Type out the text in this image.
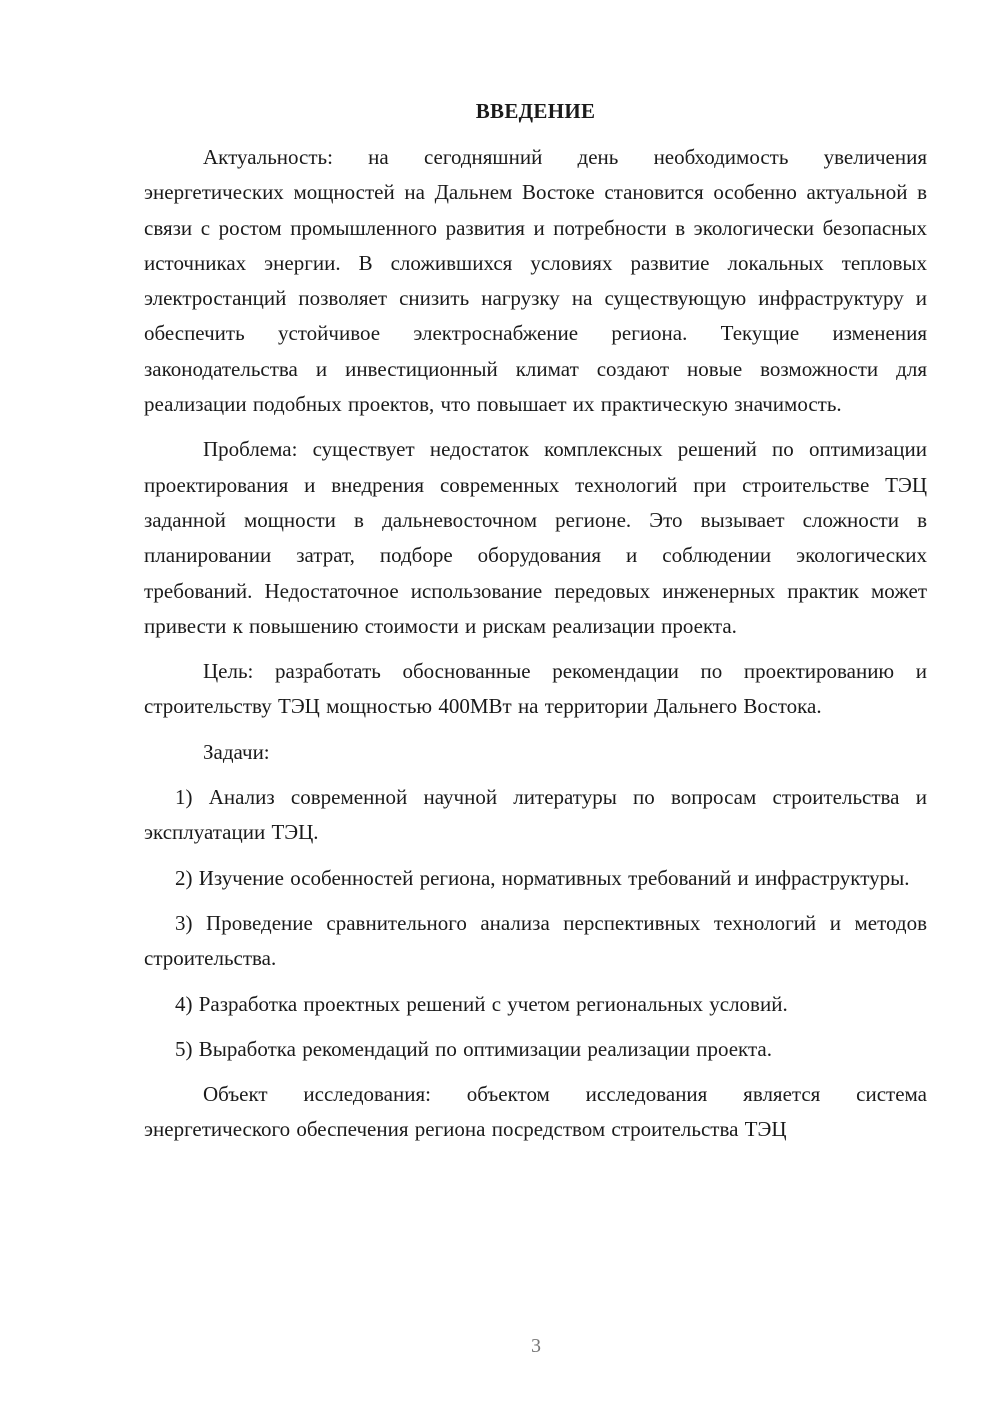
ВВЕДЕНИЕ

Актуальность: на сегодняшний день необходимость увеличения энергетических мощностей на Дальнем Востоке становится особенно актуальной в связи с ростом промышленного развития и потребности в экологически безопасных источниках энергии. В сложившихся условиях развитие локальных тепловых электростанций позволяет снизить нагрузку на существующую инфраструктуру и обеспечить устойчивое электроснабжение региона. Текущие изменения законодательства и инвестиционный климат создают новые возможности для реализации подобных проектов, что повышает их практическую значимость.

Проблема: существует недостаток комплексных решений по оптимизации проектирования и внедрения современных технологий при строительстве ТЭЦ заданной мощности в дальневосточном регионе. Это вызывает сложности в планировании затрат, подборе оборудования и соблюдении экологических требований. Недостаточное использование передовых инженерных практик может привести к повышению стоимости и рискам реализации проекта.

Цель: разработать обоснованные рекомендации по проектированию и строительству ТЭЦ мощностью 400МВт на территории Дальнего Востока.

Задачи:

1) Анализ современной научной литературы по вопросам строительства и эксплуатации ТЭЦ.

2) Изучение особенностей региона, нормативных требований и инфраструктуры.

3) Проведение сравнительного анализа перспективных технологий и методов строительства.

4) Разработка проектных решений с учетом региональных условий.

5) Выработка рекомендаций по оптимизации реализации проекта.

Объект исследования: объектом исследования является система энергетического обеспечения региона посредством строительства ТЭЦ

3
